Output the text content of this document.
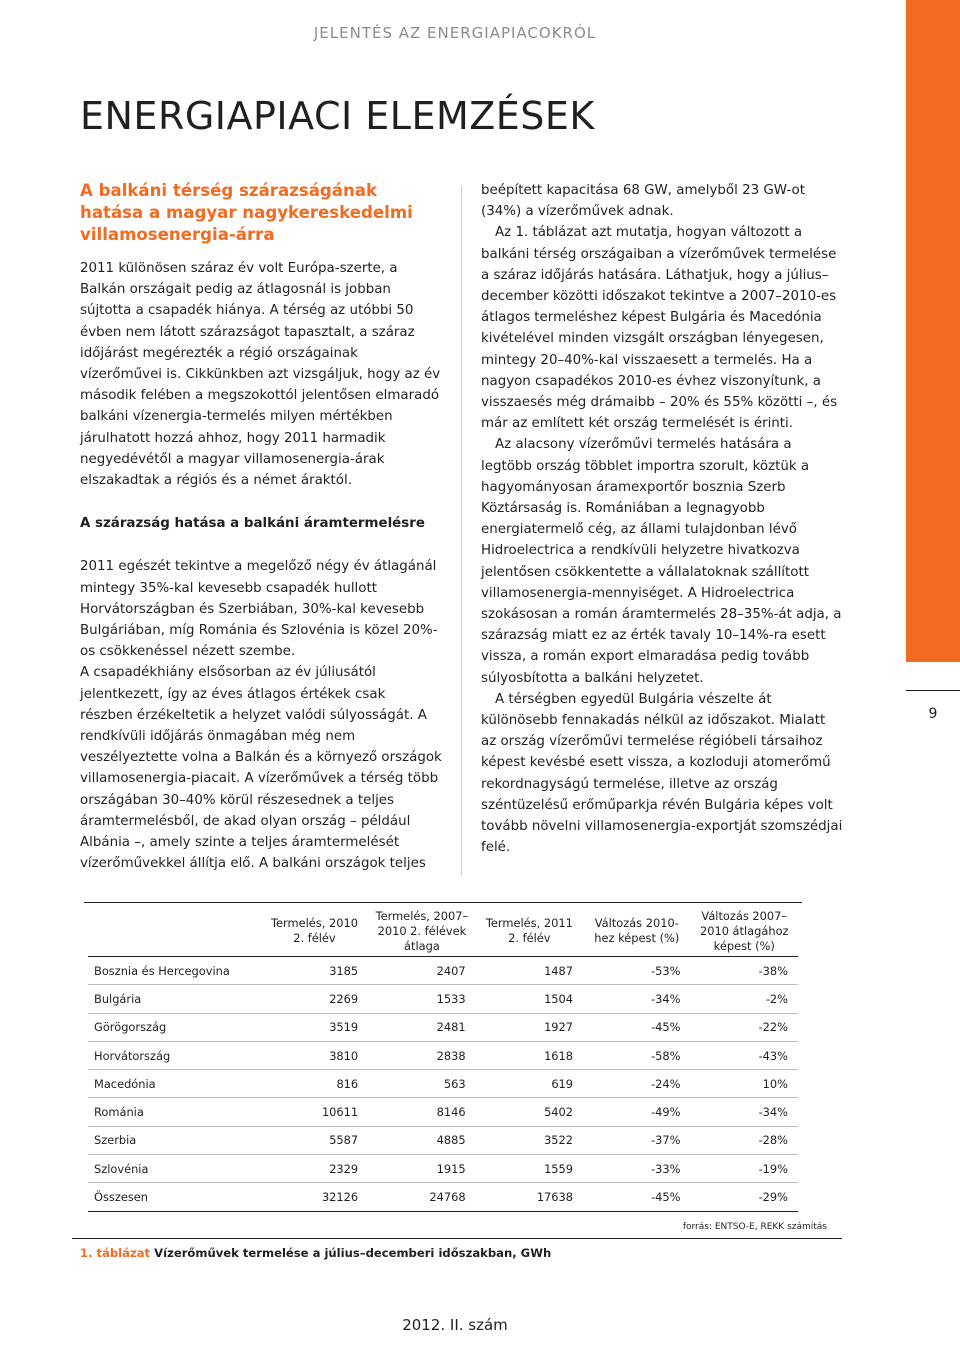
JELENTÉS AZ ENERGIAPIACOKRÓL
ENERGIAPIACI ELEMZÉSEK
ENERGIAPIACI ELEMZÉSEK
9
A balkáni térség szárazságának hatása a magyar nagykereskedelmi villamosenergia-árra

2011 különösen száraz év volt Európa-szerte, a Balkán országait pedig az átlagosnál is jobban sújtotta a csapadék hiánya. A térség az utóbbi 50 évben nem látott szárazságot tapasztalt, a száraz időjárást megérezték a régió országainak vízerőművei is. Cikkünkben azt vizsgáljuk, hogy az év második felében a megszokottól jelentősen elmaradó balkáni vízenergia-termelés milyen mértékben járulhatott hozzá ahhoz, hogy 2011 harmadik negyedévétől a magyar villamosenergia-árak elszakadtak a régiós és a német áraktól.

A szárazság hatása a balkáni áramtermelésre

2011 egészét tekintve a megelőző négy év átlagánál mintegy 35%-kal kevesebb csapadék hullott Horvátországban és Szerbiában, 30%-kal kevesebb Bulgáriában, míg Románia és Szlovénia is közel 20%-os csökkenéssel nézett szembe.

A csapadékhiány elsősorban az év júliusától jelentkezett, így az éves átlagos értékek csak részben érzékeltetik a helyzet valódi súlyosságát. A rendkívüli időjárás önmagában még nem veszélyeztette volna a Balkán és a környező országok villamosenergia-piacait. A vízerőművek a térség több országában 30–40% körül részesednek a teljes áramtermelésből, de akad olyan ország – például Albánia –, amely szinte a teljes áramtermelését vízerőművekkel állítja elő. A balkáni országok teljes

beépített kapacitása 68 GW, amelyből 23 GW-ot (34%) a vízerőművek adnak.

Az 1. táblázat azt mutatja, hogyan változott a balkáni térség országaiban a vízerőművek termelése a száraz időjárás hatására. Láthatjuk, hogy a július–december közötti időszakot tekintve a 2007–2010-es átlagos termeléshez képest Bulgária és Macedónia kivételével minden vizsgált országban lényegesen, mintegy 20–40%-kal visszaesett a termelés. Ha a nagyon csapadékos 2010-es évhez viszonyítunk, a visszaesés még drámaibb – 20% és 55% közötti –, és már az említett két ország termelését is érinti.

Az alacsony vízerőművi termelés hatására a legtöbb ország többlet importra szorult, köztük a hagyományosan áramexportőr bosznia Szerb Köztársaság is. Romániában a legnagyobb energiatermelő cég, az állami tulajdonban lévő Hidroelectrica a rendkívüli helyzetre hivatkozva jelentősen csökkentette a vállalatoknak szállított villamosenergia-mennyiséget. A Hidroelectrica szokásosan a román áramtermelés 28–35%-át adja, a szárazság miatt ez az érték tavaly 10–14%-ra esett vissza, a román export elmaradása pedig tovább súlyosbította a balkáni helyzetet.

A térségben egyedül Bulgária vészelte át különösebb fennakadás nélkül az időszakot. Mialatt az ország vízerőművi termelése régióbeli társaihoz képest kevésbé esett vissza, a kozloduji atomerőmű rekordnagyságú termelése, illetve az ország széntüzelésű erőműparkja révén Bulgária képes volt tovább növelni villamosenergia-exportját szomszédjai felé.

	Termelés, 2010 2. félév	Termelés, 2007–2010 2. félévek átlaga	Termelés, 2011 2. félév	Változás 2010-hez képest (%)	Változás 2007–2010 átlagához képest (%)
Bosznia és Hercegovina	3185	2407	1487	-53%	-38%
Bulgária	2269	1533	1504	-34%	-2%
Görögország	3519	2481	1927	-45%	-22%
Horvátország	3810	2838	1618	-58%	-43%
Macedónia	816	563	619	-24%	10%
Románia	10611	8146	5402	-49%	-34%
Szerbia	5587	4885	3522	-37%	-28%
Szlovénia	2329	1915	1559	-33%	-19%
Összesen	32126	24768	17638	-45%	-29%
forrás: ENTSO-E, REKK számítás
1. táblázat Vízerőművek termelése a július–decemberi időszakban, GWh
2012. II. szám
